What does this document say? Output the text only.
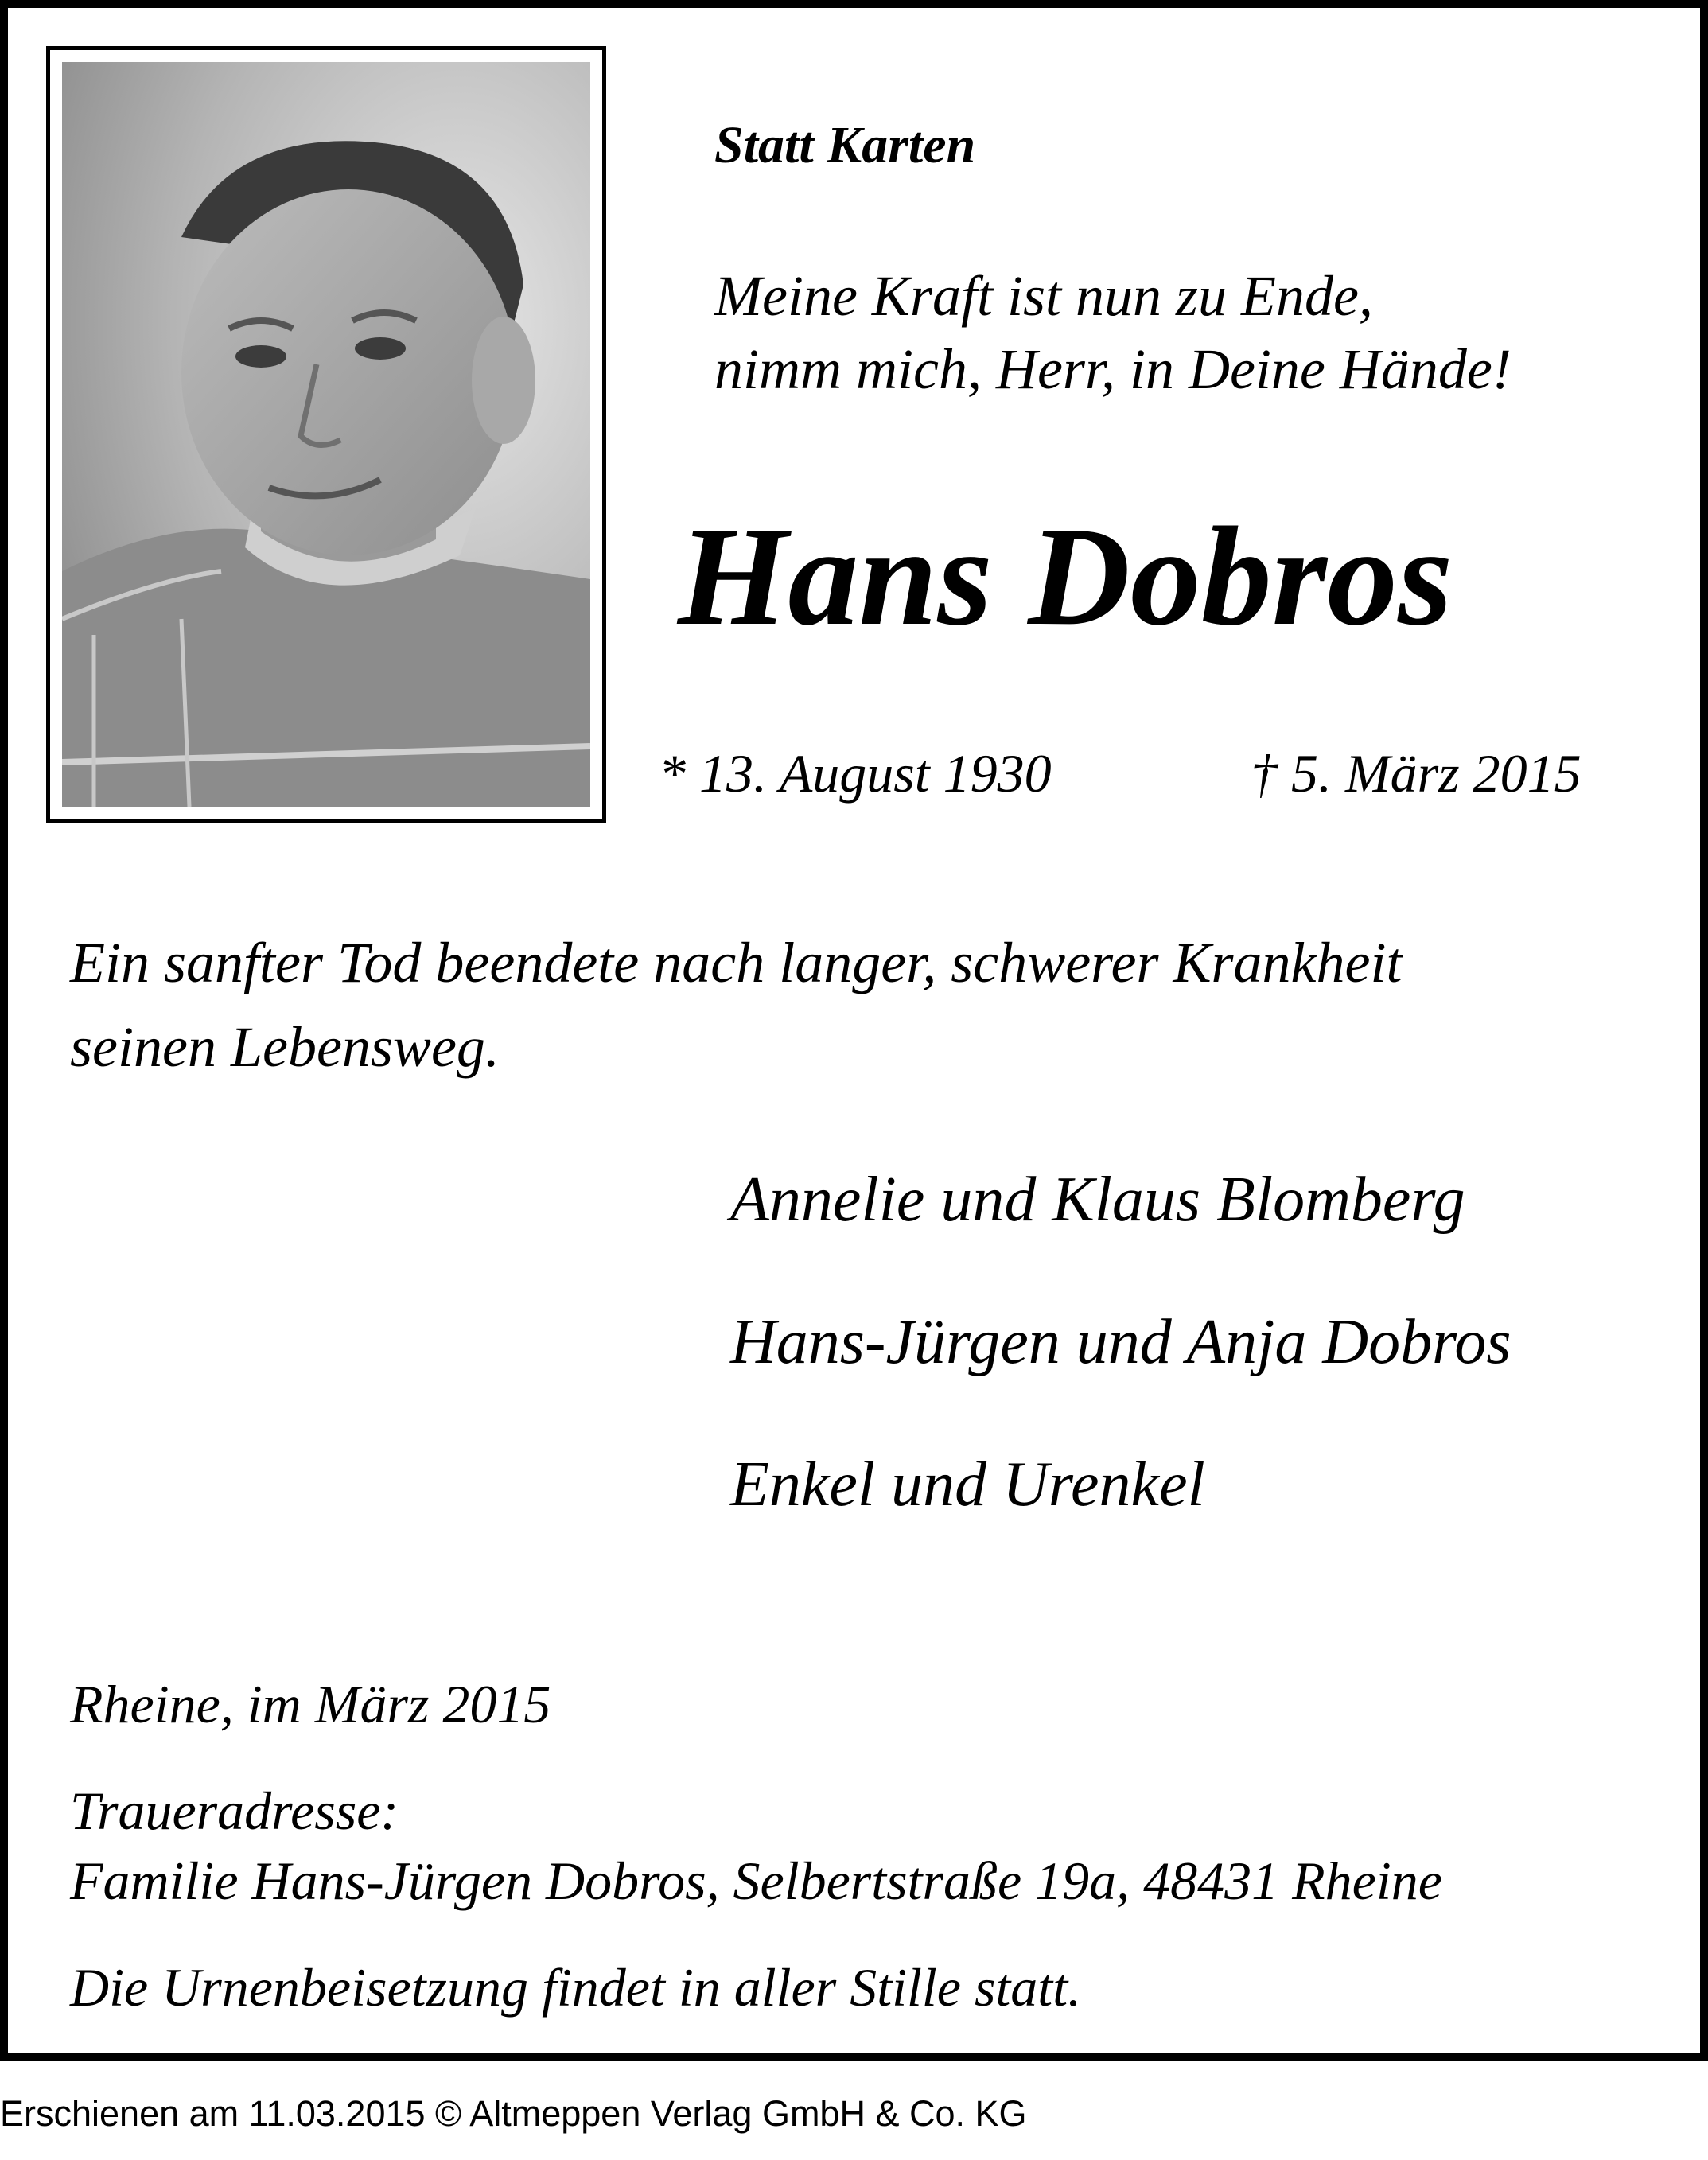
Statt Karten

Meine Kraft ist nun zu Ende,

nimm mich, Herr, in Deine Hände!

Hans Dobros

* 13. August 1930	† 5. März 2015

Ein sanfter Tod beendete nach langer, schwerer Krankheit

seinen Lebensweg.

Annelie und Klaus Blomberg

Hans-Jürgen und Anja Dobros

Enkel und Urenkel

Rheine, im März 2015

Traueradresse:

Familie Hans-Jürgen Dobros, Selbertstraße 19a, 48431 Rheine

Die Urnenbeisetzung findet in aller Stille statt.

Erschienen am 11.03.2015 © Altmeppen Verlag GmbH & Co. KG
